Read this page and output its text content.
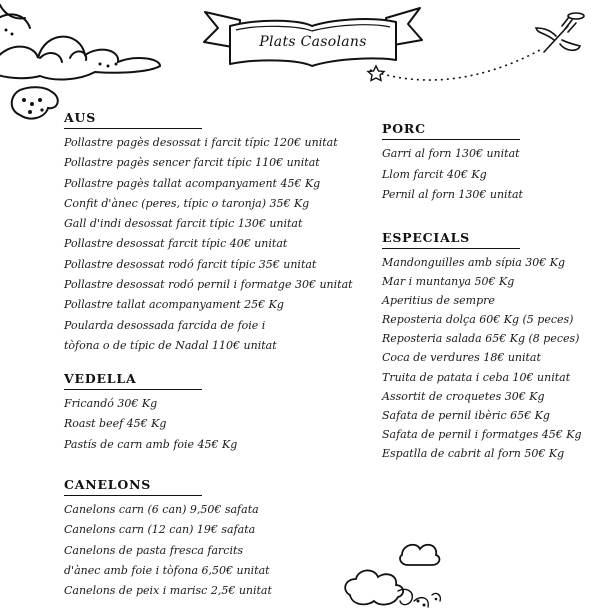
Plats Casolans
AUS
Pollastre pagès desossat i farcit típic 120€ unitat
Pollastre pagès sencer farcit típic 110€ unitat
Pollastre pagès tallat acompanyament 45€ Kg
Confit d'ànec (peres, típic o taronja) 35€ Kg
Gall d'indi desossat farcit típic 130€ unitat
Pollastre desossat farcit típic 40€ unitat
Pollastre desossat rodó farcit típic 35€ unitat
Pollastre desossat rodó pernil i formatge 30€ unitat
Pollastre tallat acompanyament 25€ Kg
Poularda desossada farcida de foie i
tòfona o de típic de Nadal 110€ unitat
VEDELLA
Fricandó 30€ Kg
Roast beef 45€ Kg
Pastís de carn amb foie 45€ Kg
CANELONS
Canelons carn (6 can) 9,50€ safata
Canelons carn (12 can) 19€ safata
Canelons de pasta fresca farcits
d'ànec amb foie i tòfona 6,50€ unitat
Canelons de peix i marisc 2,5€ unitat
PORC
Garri al forn 130€ unitat
Llom farcit 40€ Kg
Pernil al forn 130€ unitat
ESPECIALS
Mandonguilles amb sípia 30€ Kg
Mar i muntanya 50€ Kg
Aperitius de sempre
Reposteria dolça 60€ Kg (5 peces)
Reposteria salada 65€ Kg (8 peces)
Coca de verdures 18€ unitat
Truita de patata i ceba 10€ unitat
Assortit de croquetes 30€ Kg
Safata de pernil ibèric 65€ Kg
Safata de pernil i formatges 45€ Kg
Espatlla de cabrit al forn 50€ Kg
